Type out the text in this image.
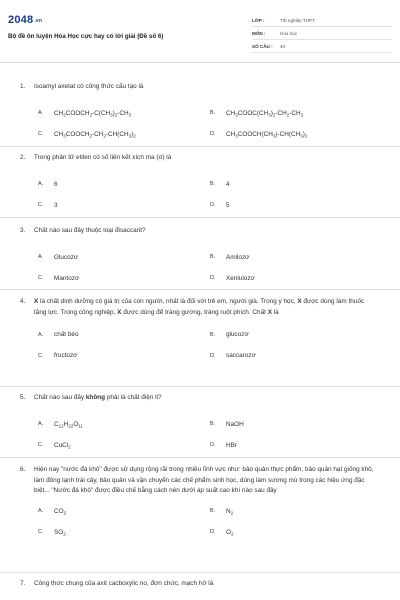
2048.vn
Bộ đề ôn luyện Hóa Học cực hay có lời giải (Đề số 6)
LỚP :	Tốt nghiệp THPT
MÔN :	Hóa học
SỐ CÂU :	40
1.	Isoamyl axetat có công thức cấu tạo là
A.	$CH_3COOCH_2-C(CH_3)_2-CH_3$	B.	$CH_3COOC(CH_3)_2-CH_2-CH_3$
C.	$CH_3COOCH_2-CH_2-CH(CH_3)_2$	D.	$CH_3COOCH(CH_3)-CH(CH_3)_2$
2.	Trong phân tử etilen có số liên kết xích ma (σ) là
A.	6	B.	4
C.	3	D.	5
3.	Chất nào sau đây thuộc loại đisaccarit?
A.	Glucozơ	B.	Amilozơ
C.	Mantozơ	D.	Xenlulozơ
4.	X là chất dinh dưỡng có giá trị của con người, nhất là đối với trẻ em, người già. Trong y học, X được dùng làm thuốc tăng lực. Trong công nghiệp, X được dùng để tráng gương, tráng ruột phích. Chất X là
A.	chất béo	B.	glucozơ
C.	fructozơ	D.	saccarozơ
5.	Chất nào sau đây không phải là chất điện li?
A.	$C_{12}H_{22}O_{11}$	B.	NaOH
C.	CuCl$_2$	D.	HBr
6.	Hiện nay "nước đá khô" được sử dụng rộng rãi trong nhiều lĩnh vực như: bảo quản thực phẩm, bảo quản hạt giống khô, làm đông lạnh trái cây, bảo quản và vận chuyển các chế phẩm sinh học, dùng làm sương mù trong các hiệu ứng đặc biệt... "Nước đá khô" được điều chế bằng cách nén dưới áp suất cao khí nào sau đây
A.	$CO_2$	B.	$N_2$
C.	$SO_2$	D.	$O_2$
7.	Công thức chung của axit cacboxylic no, đơn chức, mạch hở là
